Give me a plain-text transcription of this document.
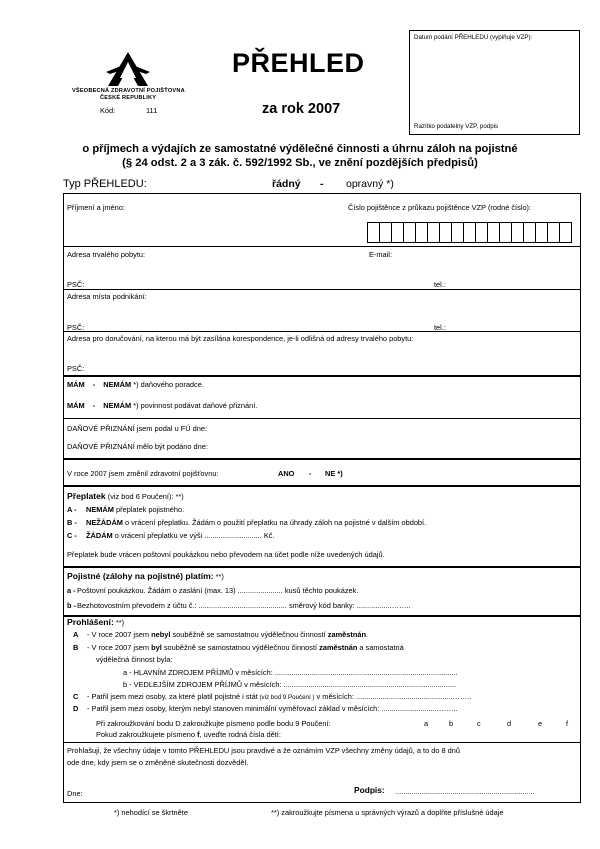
VŠEOBECNÁ ZDRAVOTNÍ POJIŠŤOVNA
ČESKÉ REPUBLIKY
Kód:	111
PŘEHLED
za rok 2007
Datum podání PŘEHLEDU (vyplňuje VZP):
Razítko podatelny VZP, podpis
o příjmech a výdajích ze samostatné výdělečné činnosti a úhrnu záloh na pojistné
(§ 24 odst. 2 a 3 zák. č. 592/1992 Sb., ve znění pozdějších předpisů)
Typ PŘEHLEDU:	řádný - opravný *)
Příjmení a jméno:	Číslo pojištěnce z průkazu pojištěnce VZP (rodné číslo):
Adresa trvalého pobytu:	E-mail:
PSČ:	tel.:
Adresa místa podnikání:
PSČ:	tel.:
Adresa pro doručování, na kterou má být zasílána korespondence, je-li odlišná od adresy trvalého pobytu:
PSČ:
MÁM - NEMÁM *) daňového poradce.
MÁM - NEMÁM *) povinnost podávat daňové přiznání.
DAŇOVÉ PŘIZNÁNÍ jsem podal u FÚ dne:
DAŇOVÉ PŘIZNÁNÍ mělo být podáno dne:
V roce 2007 jsem změnil zdravotní pojišťovnu:	ANO - NE *)
Přeplatek (viz bod 6 Poučení): **)
A - NEMÁM přeplatek pojistného.
B - NEŽÁDÁM o vrácení přeplatku. Žádám o použití přeplatku na úhrady záloh na pojistné v dalším období.
C - ŽÁDÁM o vrácení přeplatku ve výši ............................ Kč.
Přeplatek bude vrácen poštovní poukázkou nebo převodem na účet podle níže uvedených údajů.
Pojistné (zálohy na pojistné) platím: **)
a -Poštovní poukázkou. Žádám o zaslání (max. 13) ...................... kusů těchto poukázek.
b -Bezhotovostním převodem z účtu č.: ........................................... směrový kód banky: .................……..
Prohlášení: **)
A - V roce 2007 jsem nebyl souběžně se samostatnou výdělečnou činností zaměstnán.
B - V roce 2007 jsem byl souběžně se samostatnou výdělečnou činností zaměstnán a samostatná
výdělečná činnost byla:
a - HLAVNÍM ZDROJEM PŘÍJMŮ v měsících: .........................................................................................
b - VEDLEJŠÍM ZDROJEM PŘÍJMŮ v měsících: ....................................................................................
C - Patřil jsem mezi osoby, za které platil pojistné i stát (viz bod 9 Poučení ) v měsících: ...............................................……..
D - Patřil jsem mezi osoby, kterým nebyl stanoven minimální vyměřovací základ v měsících: ............................……..
Při zakroužkování bodu D zakroužkujte písmeno podle bodu 9 Poučení:	a	b	c	d	e	f
Pokud zakroužkujete písmeno f, uveďte rodná čísla dětí:
Prohlašuji, že všechny údaje v tomto PŘEHLEDU jsou pravdivé a že oznámím VZP všechny změny údajů, a to do 8 dnů
ode dne, kdy jsem se o změněné skutečnosti dozvěděl.
Dne:	Podpis: ....................................................................
*) nehodící se škrtněte	**) zakroužkujte písmena u správných výrazů a doplňte příslušné údaje
